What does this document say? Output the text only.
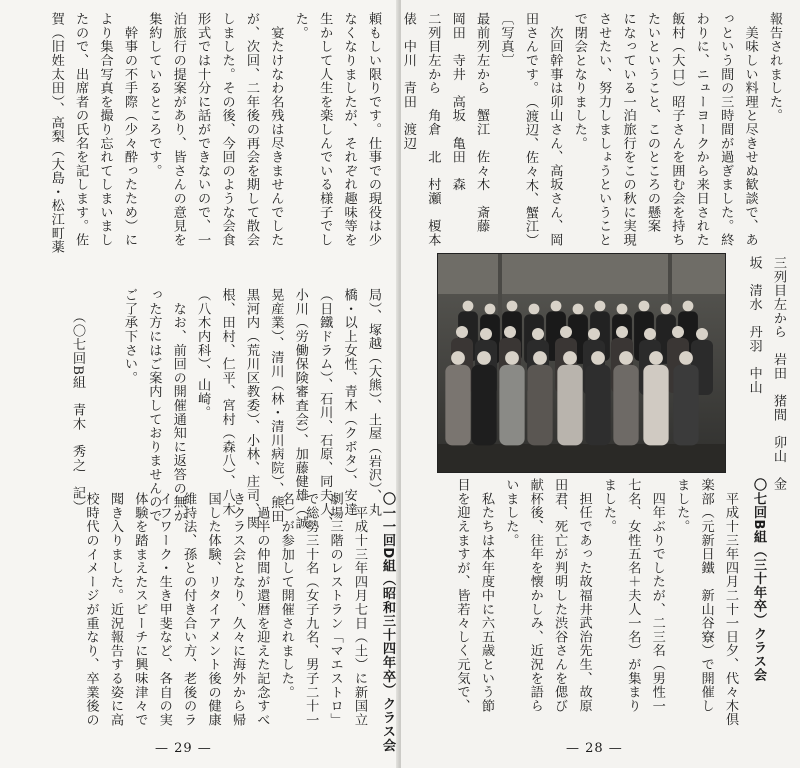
頼もしい限りです。仕事での現役は少
なくなりましたが、それぞれ趣味等を
生かして人生を楽しんでいる様子でし
た。
　宴たけなわ名残は尽きませんでした
が、次回、二年後の再会を期して散会
しました。その後、今回のような会食
形式では十分に話ができないので、一
泊旅行の提案があり、皆さんの意見を
集約しているところです。
　幹事の不手際（少々酔ったため）に
より集合写真を撮り忘れてしまいまし
たので、出席者の氏名を記します。佐
賀（旧姓太田）、高梨（大島・松江町薬
（〇七回B組　青木　秀之　記）	局）、塚越（大熊）、土屋（岩沢）、丸
橋・以上女性、青木（クボタ）、安達
（日鐵ドラム）、石川、石原、同夫人、
小川（労働保険審査会）、加藤健雄（誠
晃産業）、清川（林・清川病院）、熊田
黒河内（荒川区教委）、小林、庄司、関
根、田村、仁平、宮村（森八）、八木
（八木内科）、山崎。
　なお、前回の開催通知に返答の無か
った方にはご案内しておりませんので
ご了承下さい。
〇一一回D組（昭和三十四年卒）クラス会
　平成十三年四月七日（土）に新国立
劇場三階のレストラン「マエストロ」
で総勢三十名（女子九名、男子二十一
名）が参加して開催されました。
　過半の仲間が還暦を迎えた記念すべ
きクラス会となり、久々に海外から帰
国した体験、リタイアメント後の健康
維持法、孫との付き合い方、老後のラ
イフワーク・生き甲斐など、各自の実
体験を踏まえたスピーチに興味津々で
聞き入りました。近況報告する姿に高
校時代のイメージが重なり、卒業後の
— 29 —
報告されました。
　美味しい料理と尽きせぬ歓談で、あ
っという間の三時間が過ぎました。終
わりに、ニューヨークから来日された
飯村（大口）昭子さんを囲む会を持ち
たいということ、このところの懸案
になっている一泊旅行をこの秋に実現
させたい、努力しましょうということ
で閉会となりました。
　次回幹事は卯山さん、高坂さん、岡
田さんです。　（渡辺、佐々木、蟹江）
〔写真〕
最前列左から　蟹江　佐々木　斎藤
岡田　寺井　高坂　亀田　森
二列目左から　角倉　北　村瀬　榎本
俵　中川　青田　渡辺
三列目左から　岩田　猪間　卯山　金
坂　清水　丹羽　中山
〇七回B組（三十年卒）クラス会
　平成十三年四月二十一日夕、代々木倶
楽部（元新日鐵　新山谷寮）で開催し
ました。
　四年ぶりでしたが、二三名（男性一
七名、女性五名＋夫人一名）が集まり
ました。
　担任であった故福井武治先生、故原
田君、死亡が判明した渋谷さんを偲び
献杯後、往年を懐かしみ、近況を語ら
いました。
　私たちは本年度中に六五歳という節
目を迎えますが、皆若々しく元気で、
— 28 —
